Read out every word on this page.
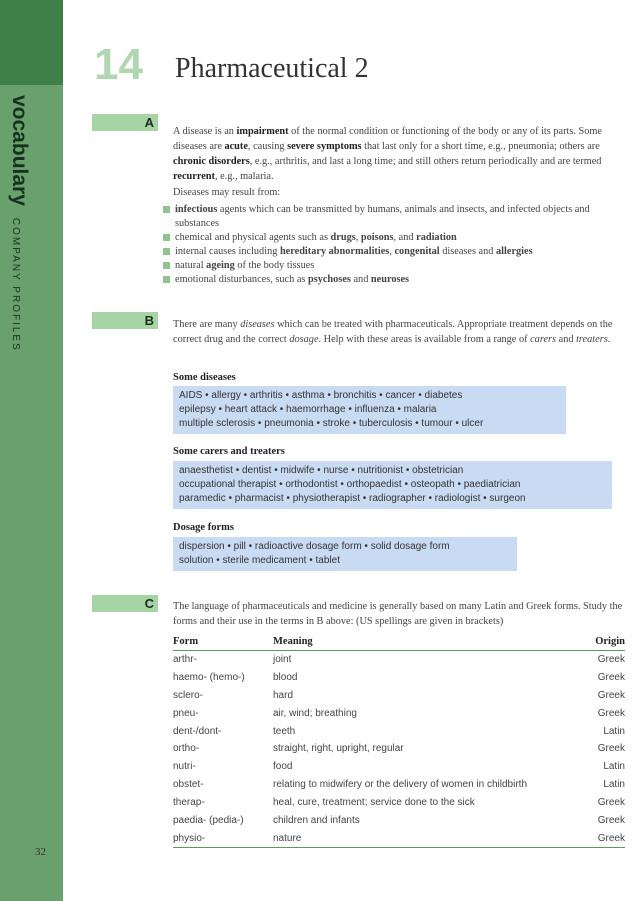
vocabulary COMPANY PROFILES
32
14 Pharmaceutical 2
A
A disease is an impairment of the normal condition or functioning of the body or any of its parts. Some diseases are acute, causing severe symptoms that last only for a short time, e.g., pneumonia; others are chronic disorders, e.g., arthritis, and last a long time; and still others return periodically and are termed recurrent, e.g., malaria.
Diseases may result from:
infectious agents which can be transmitted by humans, animals and insects, and infected objects and substances
chemical and physical agents such as drugs, poisons, and radiation
internal causes including hereditary abnormalities, congenital diseases and allergies
natural ageing of the body tissues
emotional disturbances, such as psychoses and neuroses
B There are many diseases which can be treated with pharmaceuticals. Appropriate treatment depends on the correct drug and the correct dosage. Help with these areas is available from a range of carers and treaters.
Some diseases
AIDS • allergy • arthritis • asthma • bronchitis • cancer • diabetes
epilepsy • heart attack • haemorrhage • influenza • malaria
multiple sclerosis • pneumonia • stroke • tuberculosis • tumour • ulcer
Some carers and treaters
anaesthetist • dentist • midwife • nurse • nutritionist • obstetrician
occupational therapist • orthodontist • orthopaedist • osteopath • paediatrician
paramedic • pharmacist • physiotherapist • radiographer • radiologist • surgeon
Dosage forms
dispersion • pill • radioactive dosage form • solid dosage form
solution • sterile medicament • tablet
C The language of pharmaceuticals and medicine is generally based on many Latin and Greek forms. Study the forms and their use in the terms in B above: (US spellings are given in brackets)
Form	Meaning	Origin
arthr-	joint	Greek
haemo- (hemo-)	blood	Greek
sclero-	hard	Greek
pneu-	air, wind; breathing	Greek
dent-/dont-	teeth	Latin
ortho-	straight, right, upright, regular	Greek
nutri-	food	Latin
obstet-	relating to midwifery or the delivery of women in childbirth	Latin
therap-	heal, cure, treatment; service done to the sick	Greek
paedia- (pedia-)	children and infants	Greek
physio-	nature	Greek
